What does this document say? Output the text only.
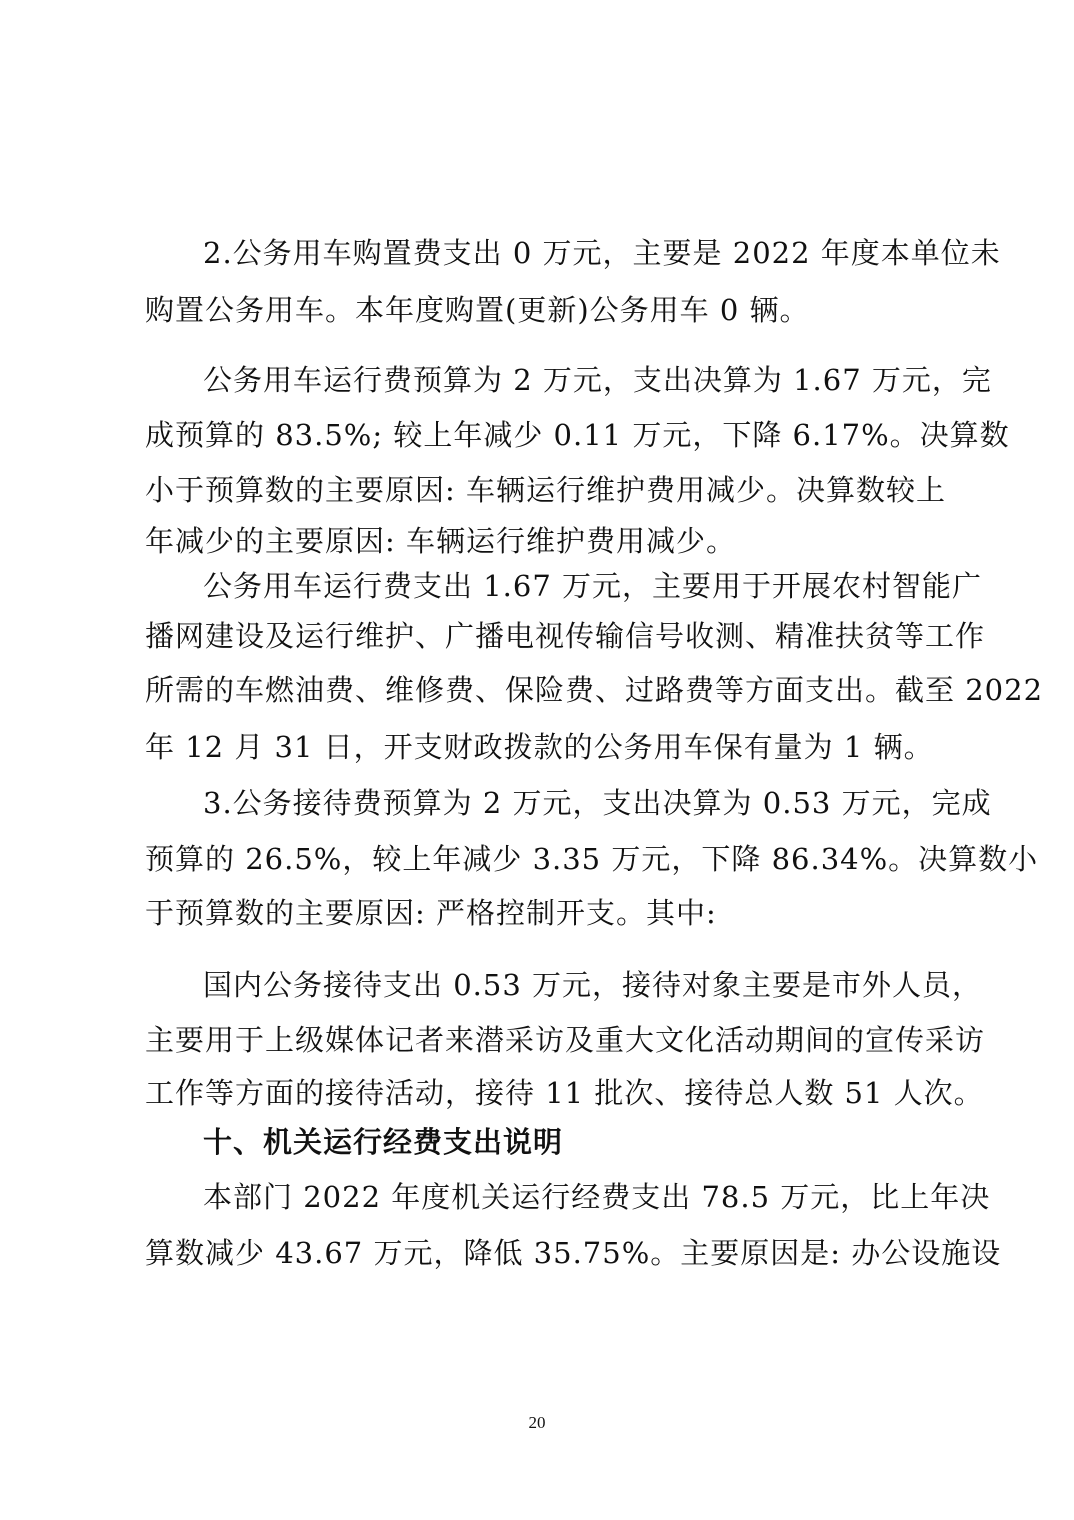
2.公务用车购置费支出 0 万元，主要是 2022 年度本单位未
购置公务用车。本年度购置(更新)公务用车 0 辆。
公务用车运行费预算为 2 万元，支出决算为 1.67 万元，完
成预算的 83.5%; 较上年减少 0.11 万元，下降 6.17%。决算数
小于预算数的主要原因: 车辆运行维护费用减少。决算数较上
年减少的主要原因: 车辆运行维护费用减少。
公务用车运行费支出 1.67 万元，主要用于开展农村智能广
播网建设及运行维护、广播电视传输信号收测、精准扶贫等工作
所需的车燃油费、维修费、保险费、过路费等方面支出。截至 2022
年 12 月 31 日，开支财政拨款的公务用车保有量为 1 辆。
3.公务接待费预算为 2 万元，支出决算为 0.53 万元，完成
预算的 26.5%，较上年减少 3.35 万元，下降 86.34%。决算数小
于预算数的主要原因: 严格控制开支。其中:
国内公务接待支出 0.53 万元，接待对象主要是市外人员，
主要用于上级媒体记者来潜采访及重大文化活动期间的宣传采访
工作等方面的接待活动，接待 11 批次、接待总人数 51 人次。
十、机关运行经费支出说明
本部门 2022 年度机关运行经费支出 78.5 万元，比上年决
算数减少 43.67 万元，降低 35.75%。主要原因是: 办公设施设
20
